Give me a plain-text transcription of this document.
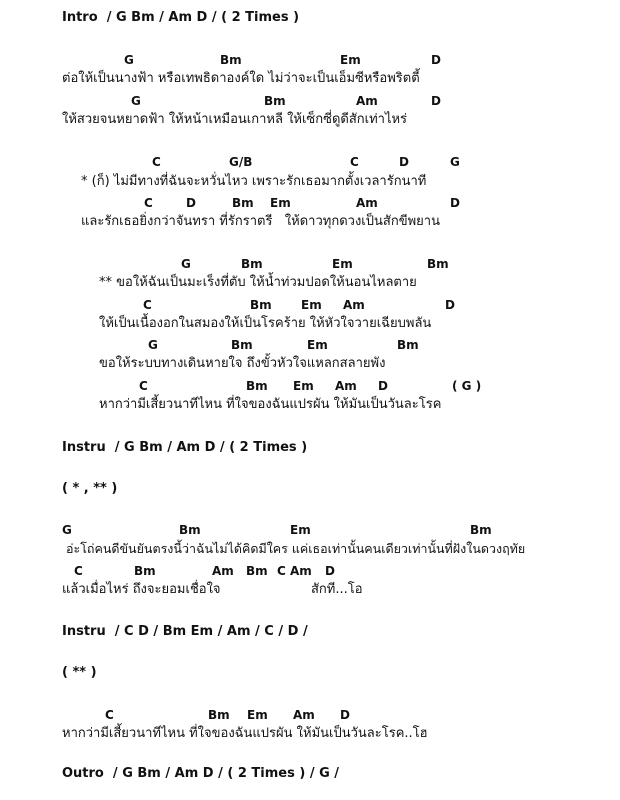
Intro  / G Bm / Am D / ( 2 Times )
G	Bm	Em	D
ต่อให้เป็นนางฟ้า หรือเทพธิดาองค์ใด ไม่ว่าจะเป็นเอ็มซีหรือพริตตี้
G	Bm	Am	D
ให้สวยจนหยาดฟ้า ให้หน้าเหมือนเกาหลี ให้เซ็กซี่ดูดีสักเท่าไหร่
C	G/B	C	D	G
* (ก็) ไม่มีทางที่ฉันจะหวั่นไหว เพราะรักเธอมากตั้งเวลารักนาที
C	D	Bm Em	Am	D
และรักเธอยิ่งกว่าจันทรา ที่รักราตรี   ให้ดาวทุกดวงเป็นสักขีพยาน
G	Bm	Em	Bm
** ขอให้ฉันเป็นมะเร็งที่ตับ ให้น้ำท่วมปอดให้นอนไหลตาย
C	Bm Em Am	D
ให้เป็นเนื้องอกในสมองให้เป็นโรคร้าย ให้หัวใจวายเฉียบพลัน
G	Bm	Em	Bm
ขอให้ระบบทางเดินหายใจ ถึงขั้วหัวใจแหลกสลายพัง
C	Bm Em Am D	( G )
หากว่ามีเสี้ยวนาทีไหน ที่ใจของฉันแปรผัน ให้มันเป็นวันละโรค
Instru  / G Bm / Am D / ( 2 Times )
( * , ** )
G	Bm	Em	Bm
อ่ะโถ่คนดีขันยันตรงนี้ว่าฉันไม่ได้คิดมีใคร แค่เธอเท่านั้นคนเดียวเท่านั้นที่ฝังในดวงฤทัย
C	Bm	Am Bm C Am D
แล้วเมื่อไหร่ ถึงจะยอมเชื่อใจ	สักที...โอ
Instru  / C D / Bm Em / Am / C / D /
( ** )
C	Bm Em Am D
หากว่ามีเสี้ยวนาทีไหน ที่ใจของฉันแปรผัน ให้มันเป็นวันละโรค..โฮ
Outro  / G Bm / Am D / ( 2 Times ) / G /
